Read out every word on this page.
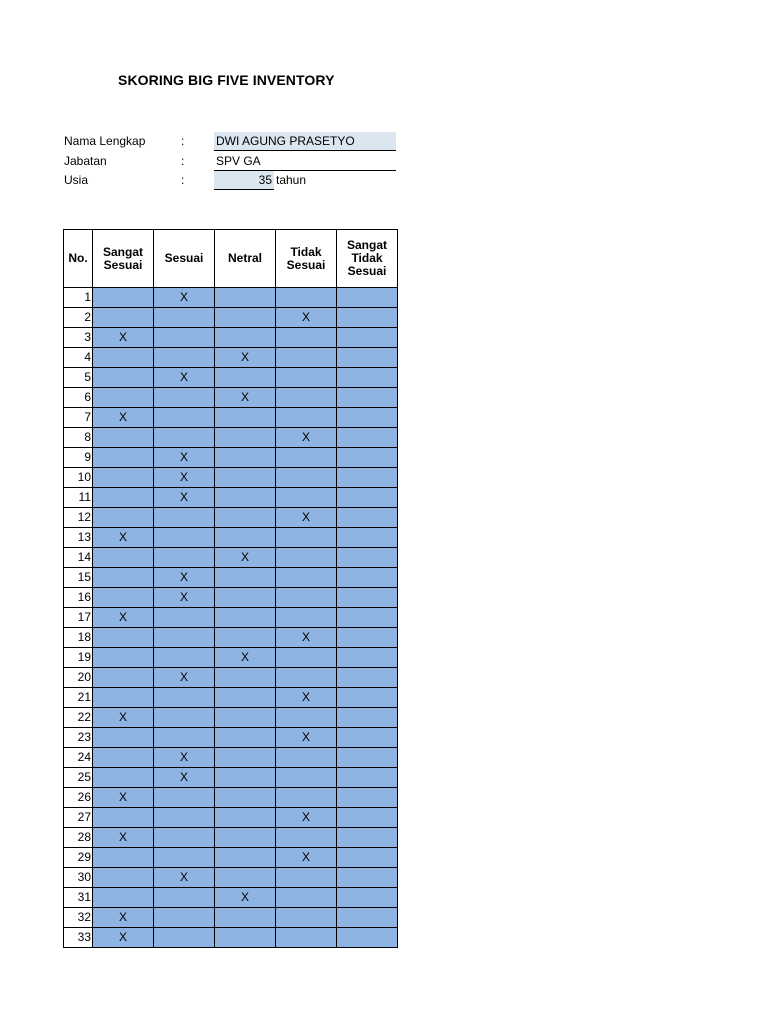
SKORING BIG FIVE INVENTORY
Nama Lengkap	:	DWI AGUNG PRASETYO
Jabatan	:	SPV GA
Usia	:	35 tahun
No.	Sangat Sesuai	Sesuai	Netral	Tidak Sesuai	Sangat Tidak Sesuai
1		X			
2				X	
3	X				
4			X		
5		X			
6			X		
7	X				
8				X	
9		X			
10		X			
11		X			
12				X	
13	X				
14			X		
15		X			
16		X			
17	X				
18				X	
19			X		
20		X			
21				X	
22	X				
23				X	
24		X			
25		X			
26	X				
27				X	
28	X				
29				X	
30		X			
31			X		
32	X				
33	X				
